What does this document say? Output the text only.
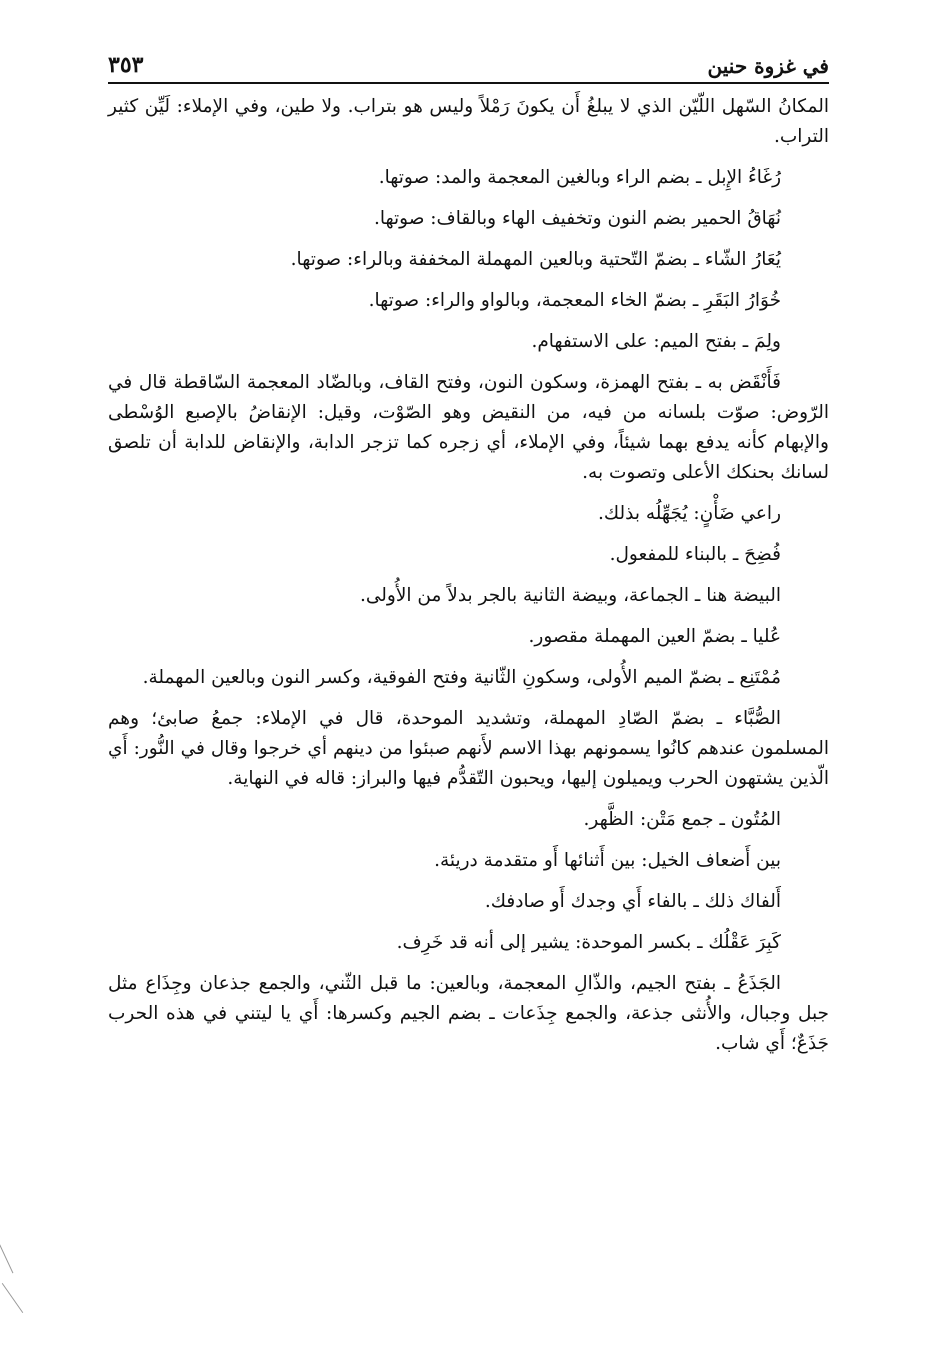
في غزوة حنين
٣٥٣

المكانُ السّهل اللّيّن الذي لا يبلغُ أَن يكونَ رَمْلاً وليس هو بتراب. ولا طين، وفي الإملاء: لَيِّن كثير التراب.

رُغَاءُ الإِبل ـ بضم الراء وبالغين المعجمة والمد: صوتها.

نُهَاقُ الحمير بضم النون وتخفيف الهاء وبالقاف: صوتها.

يُعَارُ الشّاء ـ بضمّ التّحتية وبالعين المهملة المخففة وبالراء: صوتها.

خُوَارُ البَقَرِ ـ بضمّ الخاء المعجمة، وبالواو والراء: صوتها.

ولِمَ ـ بفتح الميم: على الاستفهام.

فَأَنْقَض به ـ بفتح الهمزة، وسكون النون، وفتح القاف، وبالضّاد المعجمة السّاقطة قال في الرّوض: صوّت بلسانه من فيه، من النقيض وهو الصّوْت، وقيل: الإنقاضُ بالإصبع الوُسْطى والإبهام كأنه يدفع بهما شيئاً، وفي الإملاء، أي زجره كما تزجر الدابة، والإنقاض للدابة أن تلصق لسانك بحنكك الأعلى وتصوت به.

راعي ضَأْنٍ: يُجَهِّلُه بذلك.

فُضِحَ ـ بالبناء للمفعول.

البيضة هنا ـ الجماعة، وبيضة الثانية بالجر بدلاً من الأُولى.

عُليا ـ بضمّ العين المهملة مقصور.

مُمْتَنِع ـ بضمّ الميم الأُولى، وسكونِ الثّانية وفتح الفوقية، وكسر النون وبالعين المهملة.

الصُّبَّاء ـ بضمّ الصّادِ المهملة، وتشديد الموحدة، قال في الإملاء: جمعُ صابئ؛ وهم المسلمون عندهم كانُوا يسمونهم بهذا الاسم لأَنهم صبئوا من دينهم أي خرجوا وقال في النُّور: أَي الّذين يشتهون الحرب ويميلون إليها، ويحبون التّقدُّم فيها والبراز: قاله في النهاية.

المُتُون ـ جمع مَتْن: الظَّهر.

بين أَضعاف الخيل: بين أَثنائها أَو متقدمة دريئة.

أَلفاك ذلك ـ بالفاء أَي وجدك أَو صادفك.

كَبِرَ عَقْلُك ـ بكسر الموحدة: يشير إلى أنه قد خَرِف.

الجَذَعُ ـ بفتح الجيم، والذّالِ المعجمة، وبالعين: ما قبل الثّني، والجمع جذعان وجِذَاع مثل جبل وجبال، والأُنثى جذعة، والجمع جِذَعات ـ بضم الجيم وكسرها: أَي يا ليتني في هذه الحرب جَذَعٌ؛ أَي شاب.
